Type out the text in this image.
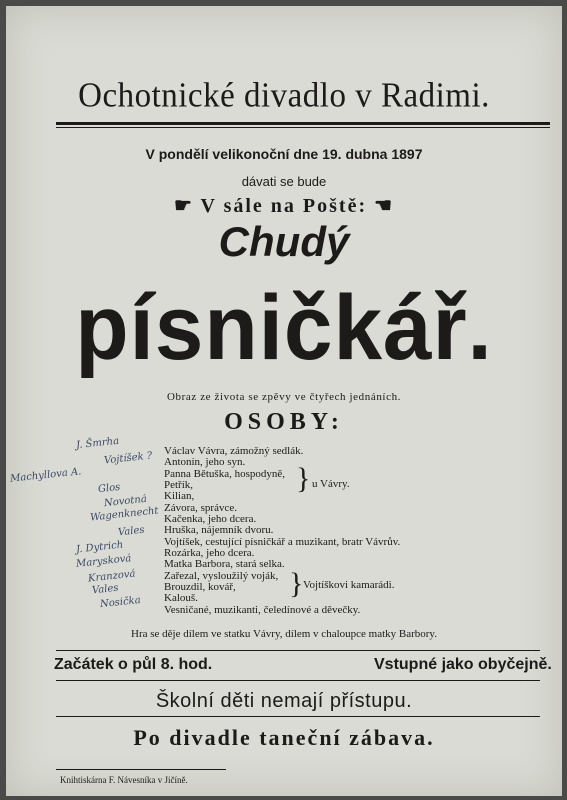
Ochotnické divadlo v Radimi.
V pondělí velikonoční dne 19. dubna 1897
dávati se bude
☛ V sále na Poště: ☚
Chudý
písničkář.
Obraz ze života se zpěvy ve čtyřech jednáních.
OSOBY:
Václav Vávra, zámožný sedlák.
Antonín, jeho syn.
Panna Bětuška, hospodyně,
Petřík,
Kilian,
Závora, správce.
Kačenka, jeho dcera.
Hruška, nájemník dvoru.
Vojtíšek, cestující písničkář a muzikant, bratr Vávrův.
Rozárka, jeho dcera.
Matka Barbora, stará selka.
Zařezal, vysloužilý voják,
Brouzdil, kovář,
Kalouš.
Vesničané, muzikanti, čeledínové a děvečky.
} u Vávry.
} Vojtíškovi kamarádi.
J. Šmrha
Vojtíšek ?
Machyllova A.
Glos
Novotná
Wagenknecht
Vales
J. Dytrich
Marysková
Kranzová
Vales
Nosička
Hra se děje dílem ve statku Vávry, dílem v chaloupce matky Barbory.
Začátek o půl 8. hod.	Vstupné jako obyčejně.
Školní děti nemají přístupu.
Po divadle taneční zábava.
Knihtiskárna F. Návesníka v Jičíně.
